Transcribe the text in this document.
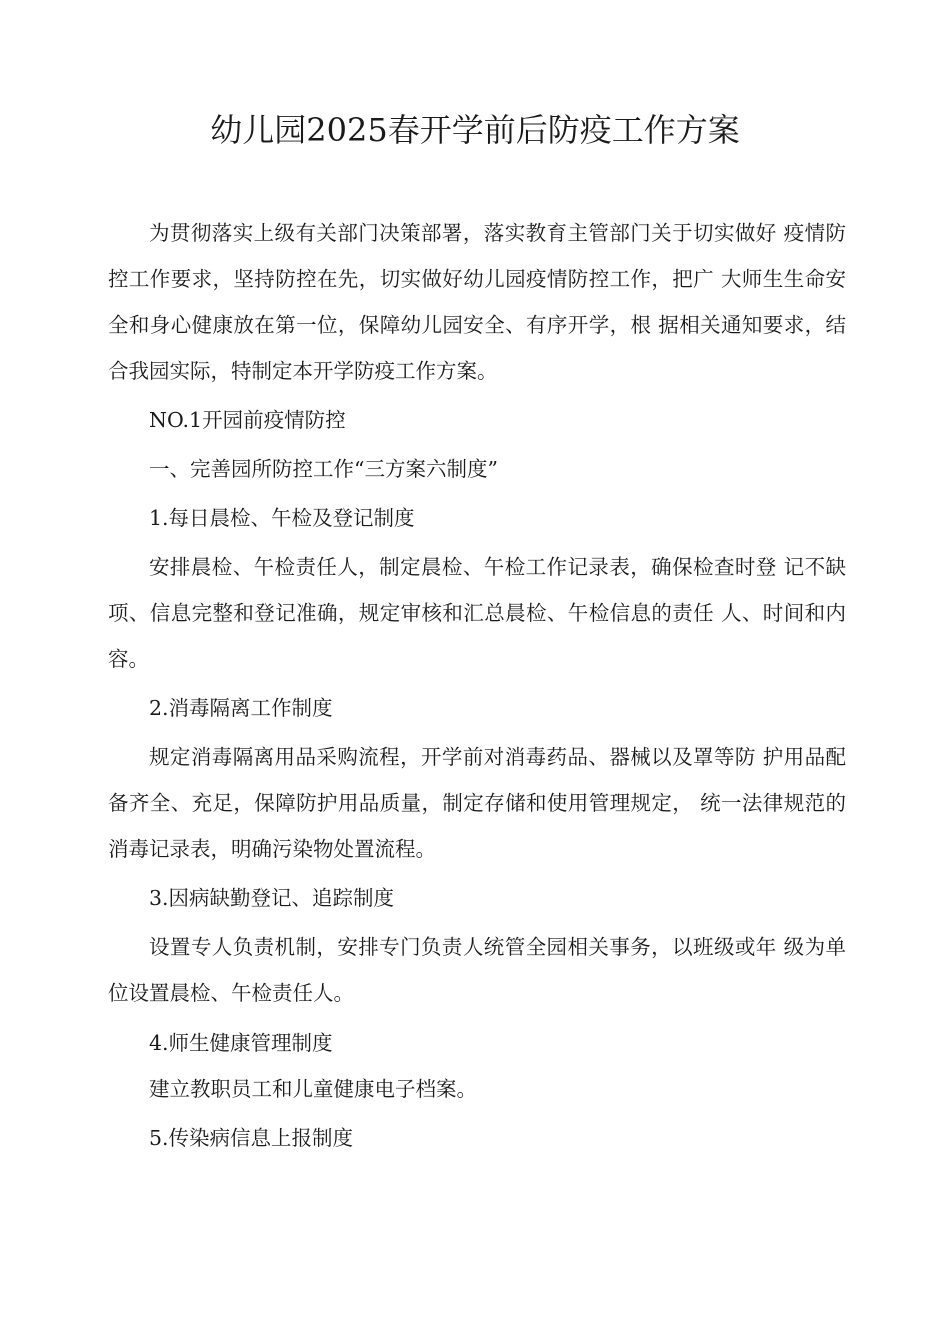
幼儿园2025春开学前后防疫工作方案

为贯彻落实上级有关部门决策部署，落实教育主管部门关于切实做好 疫情防控工作要求，坚持防控在先，切实做好幼儿园疫情防控工作，把广 大师生生命安全和身心健康放在第一位，保障幼儿园安全、有序开学，根 据相关通知要求，结合我园实际，特制定本开学防疫工作方案。

NO.1开园前疫情防控

一、完善园所防控工作“三方案六制度”

1.每日晨检、午检及登记制度

安排晨检、午检责任人，制定晨检、午检工作记录表，确保检查时登 记不缺项、信息完整和登记准确，规定审核和汇总晨检、午检信息的责任 人、时间和内容。

2.消毒隔离工作制度

规定消毒隔离用品采购流程，开学前对消毒药品、器械以及罩等防 护用品配备齐全、充足，保障防护用品质量，制定存储和使用管理规定， 统一法律规范的消毒记录表，明确污染物处置流程。

3.因病缺勤登记、追踪制度

设置专人负责机制，安排专门负责人统管全园相关事务，以班级或年 级为单位设置晨检、午检责任人。

4.师生健康管理制度

建立教职员工和儿童健康电子档案。

5.传染病信息上报制度
